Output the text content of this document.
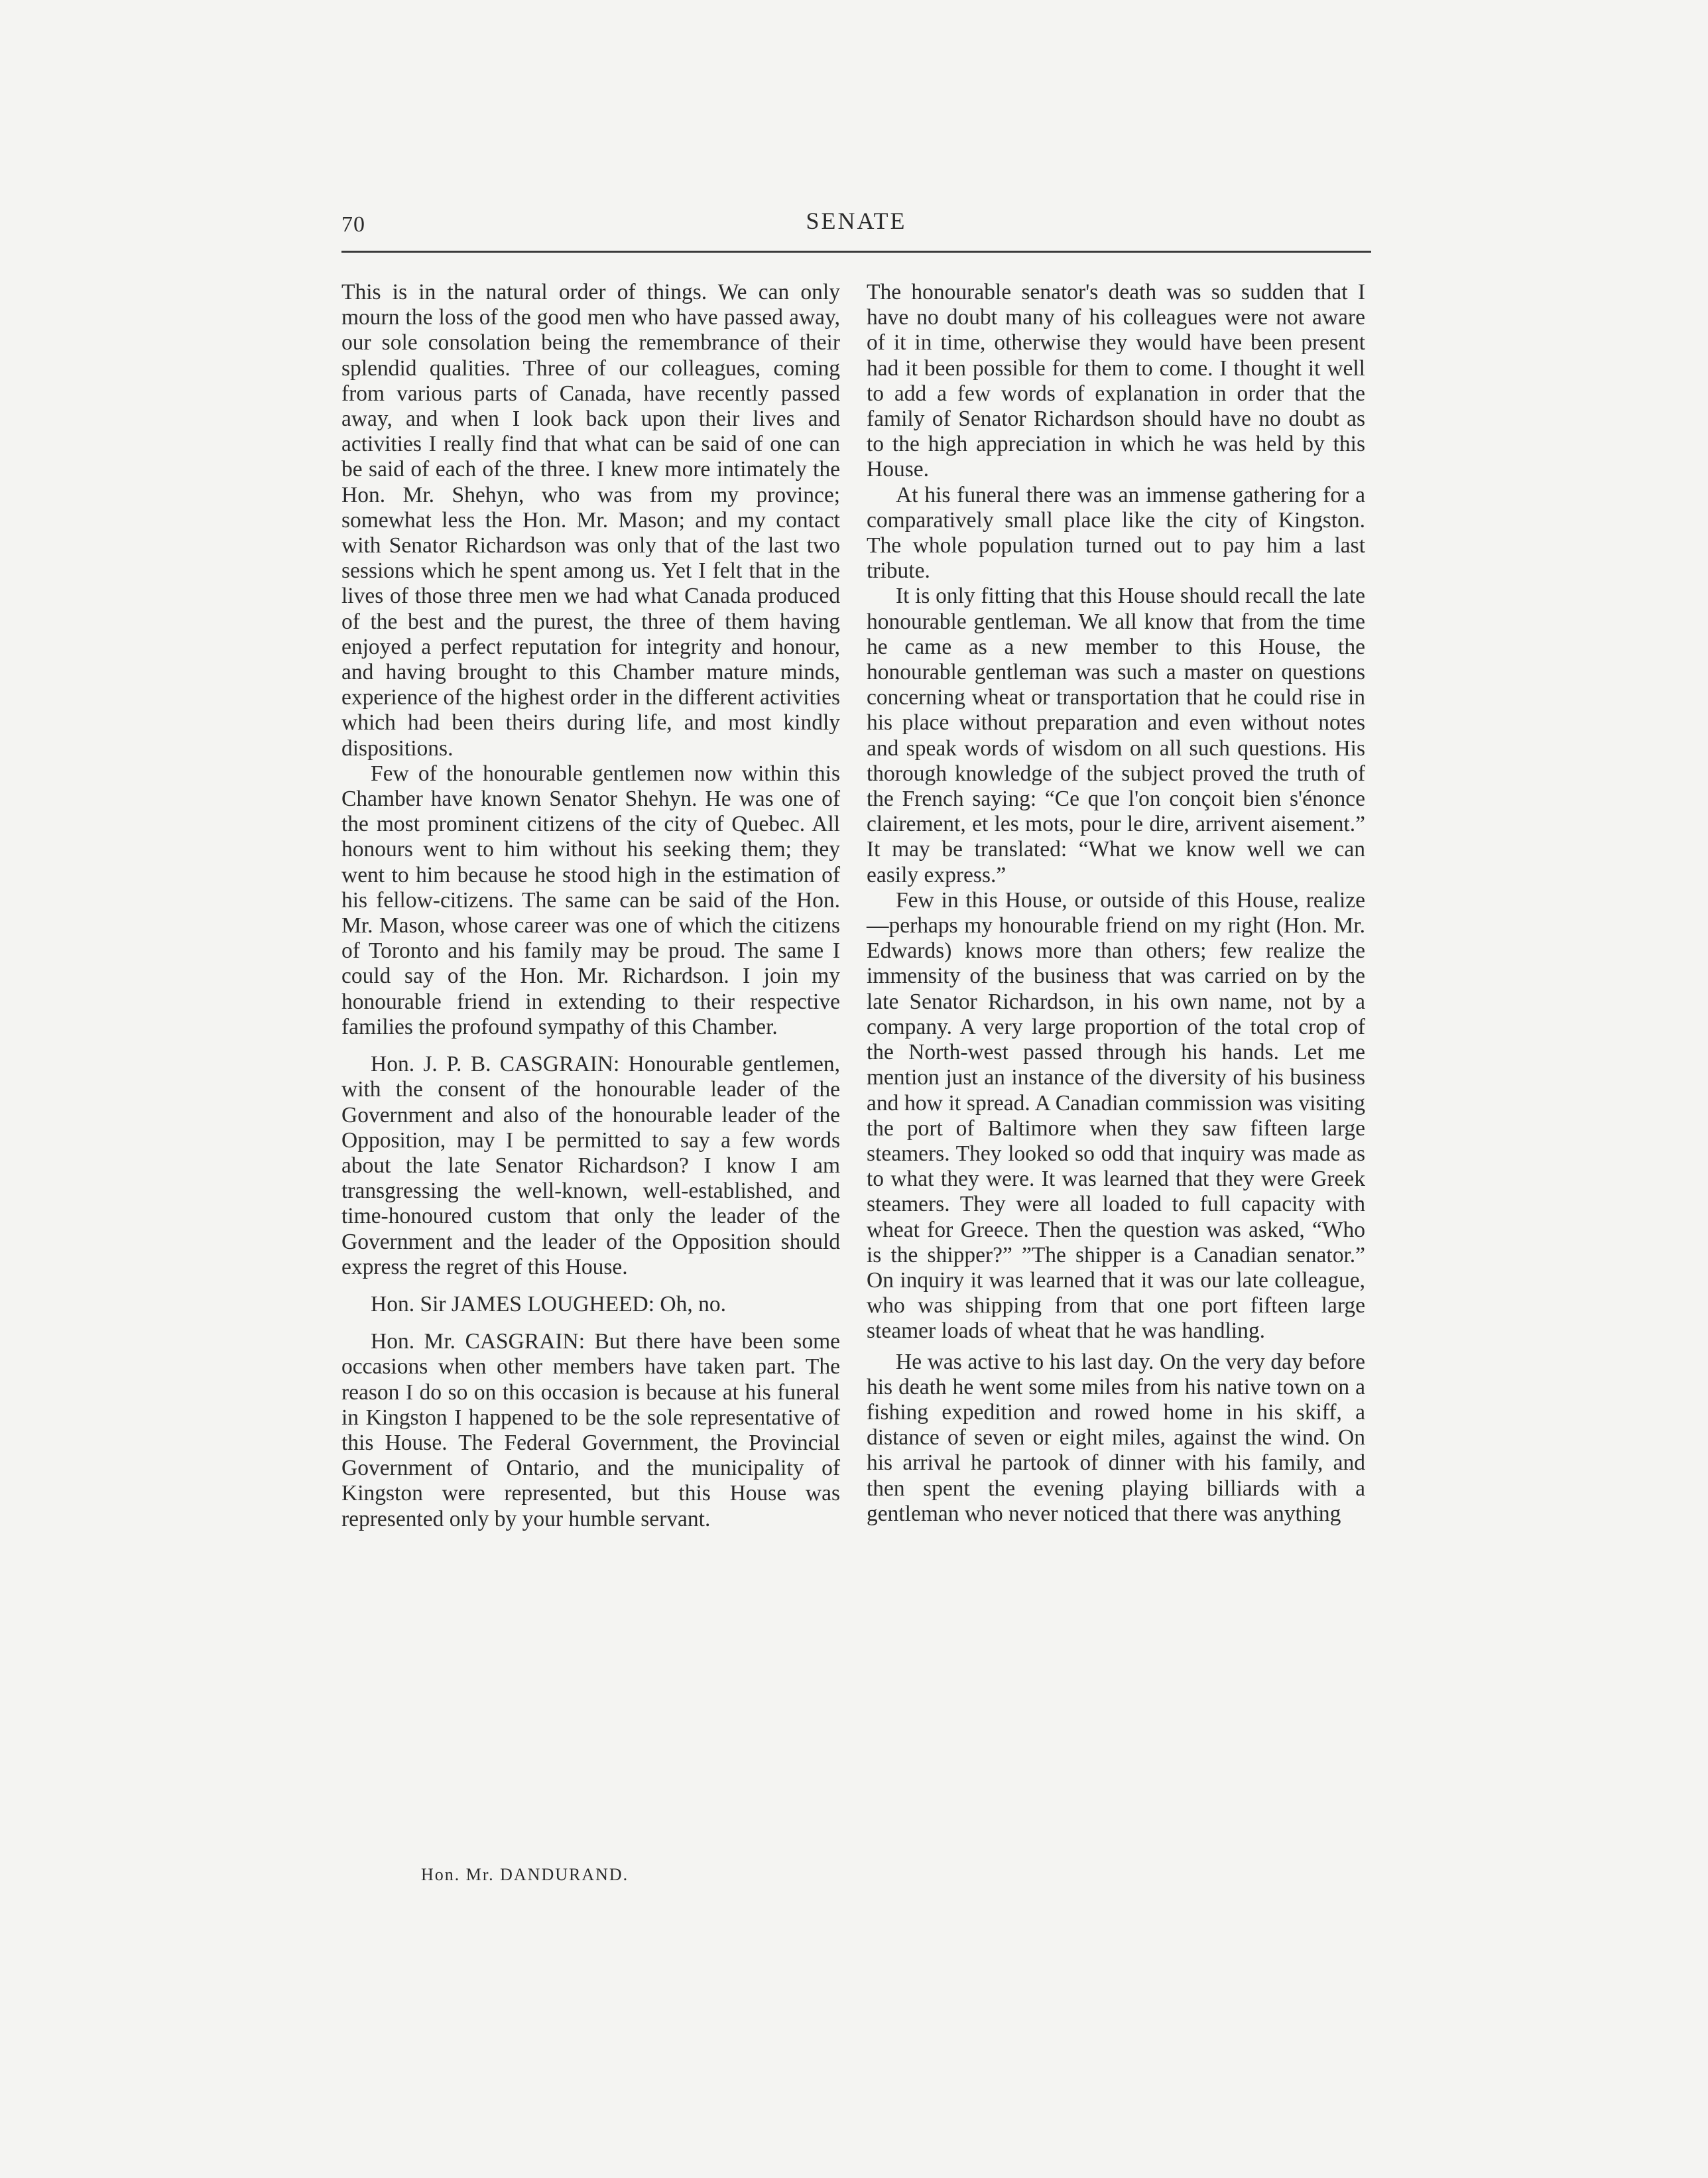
70	SENATE

This is in the natural order of things. We can only mourn the loss of the good men who have passed away, our sole consolation being the remembrance of their splendid qualities. Three of our colleagues, coming from various parts of Canada, have recently passed away, and when I look back upon their lives and activities I really find that what can be said of one can be said of each of the three. I knew more intimately the Hon. Mr. Shehyn, who was from my province; somewhat less the Hon. Mr. Mason; and my contact with Senator Richardson was only that of the last two sessions which he spent among us. Yet I felt that in the lives of those three men we had what Canada produced of the best and the purest, the three of them having enjoyed a perfect reputation for integrity and honour, and having brought to this Chamber mature minds, experience of the highest order in the different activities which had been theirs during life, and most kindly dispositions.

Few of the honourable gentlemen now within this Chamber have known Senator Shehyn. He was one of the most prominent citizens of the city of Quebec. All honours went to him without his seeking them; they went to him because he stood high in the estimation of his fellow-citizens. The same can be said of the Hon. Mr. Mason, whose career was one of which the citizens of Toronto and his family may be proud. The same I could say of the Hon. Mr. Richardson. I join my honourable friend in extending to their respective families the profound sympathy of this Chamber.

Hon. J. P. B. CASGRAIN: Honourable gentlemen, with the consent of the honourable leader of the Government and also of the honourable leader of the Opposition, may I be permitted to say a few words about the late Senator Richardson? I know I am transgressing the well-known, well-established, and time-honoured custom that only the leader of the Government and the leader of the Opposition should express the regret of this House.

Hon. Sir JAMES LOUGHEED: Oh, no.

Hon. Mr. CASGRAIN: But there have been some occasions when other members have taken part. The reason I do so on this occasion is because at his funeral in Kingston I happened to be the sole representative of this House. The Federal Government, the Provincial Government of Ontario, and the municipality of Kingston were represented, but this House was represented only by your humble servant.

The honourable senator's death was so sudden that I have no doubt many of his colleagues were not aware of it in time, otherwise they would have been present had it been possible for them to come. I thought it well to add a few words of explanation in order that the family of Senator Richardson should have no doubt as to the high appreciation in which he was held by this House.

At his funeral there was an immense gathering for a comparatively small place like the city of Kingston. The whole population turned out to pay him a last tribute.

It is only fitting that this House should recall the late honourable gentleman. We all know that from the time he came as a new member to this House, the honourable gentleman was such a master on questions concerning wheat or transportation that he could rise in his place without preparation and even without notes and speak words of wisdom on all such questions. His thorough knowledge of the subject proved the truth of the French saying: “Ce que l'on conçoit bien s'énonce clairement, et les mots, pour le dire, arrivent aisement.” It may be translated: “What we know well we can easily express.”

Few in this House, or outside of this House, realize—perhaps my honourable friend on my right (Hon. Mr. Edwards) knows more than others; few realize the immensity of the business that was carried on by the late Senator Richardson, in his own name, not by a company. A very large proportion of the total crop of the North-west passed through his hands. Let me mention just an instance of the diversity of his business and how it spread. A Canadian commission was visiting the port of Baltimore when they saw fifteen large steamers. They looked so odd that inquiry was made as to what they were. It was learned that they were Greek steamers. They were all loaded to full capacity with wheat for Greece. Then the question was asked, “Who is the shipper?” ”The shipper is a Canadian senator.” On inquiry it was learned that it was our late colleague, who was shipping from that one port fifteen large steamer loads of wheat that he was handling.

He was active to his last day. On the very day before his death he went some miles from his native town on a fishing expedition and rowed home in his skiff, a distance of seven or eight miles, against the wind. On his arrival he partook of dinner with his family, and then spent the evening playing billiards with a gentleman who never noticed that there was anything

Hon. Mr. DANDURAND.
